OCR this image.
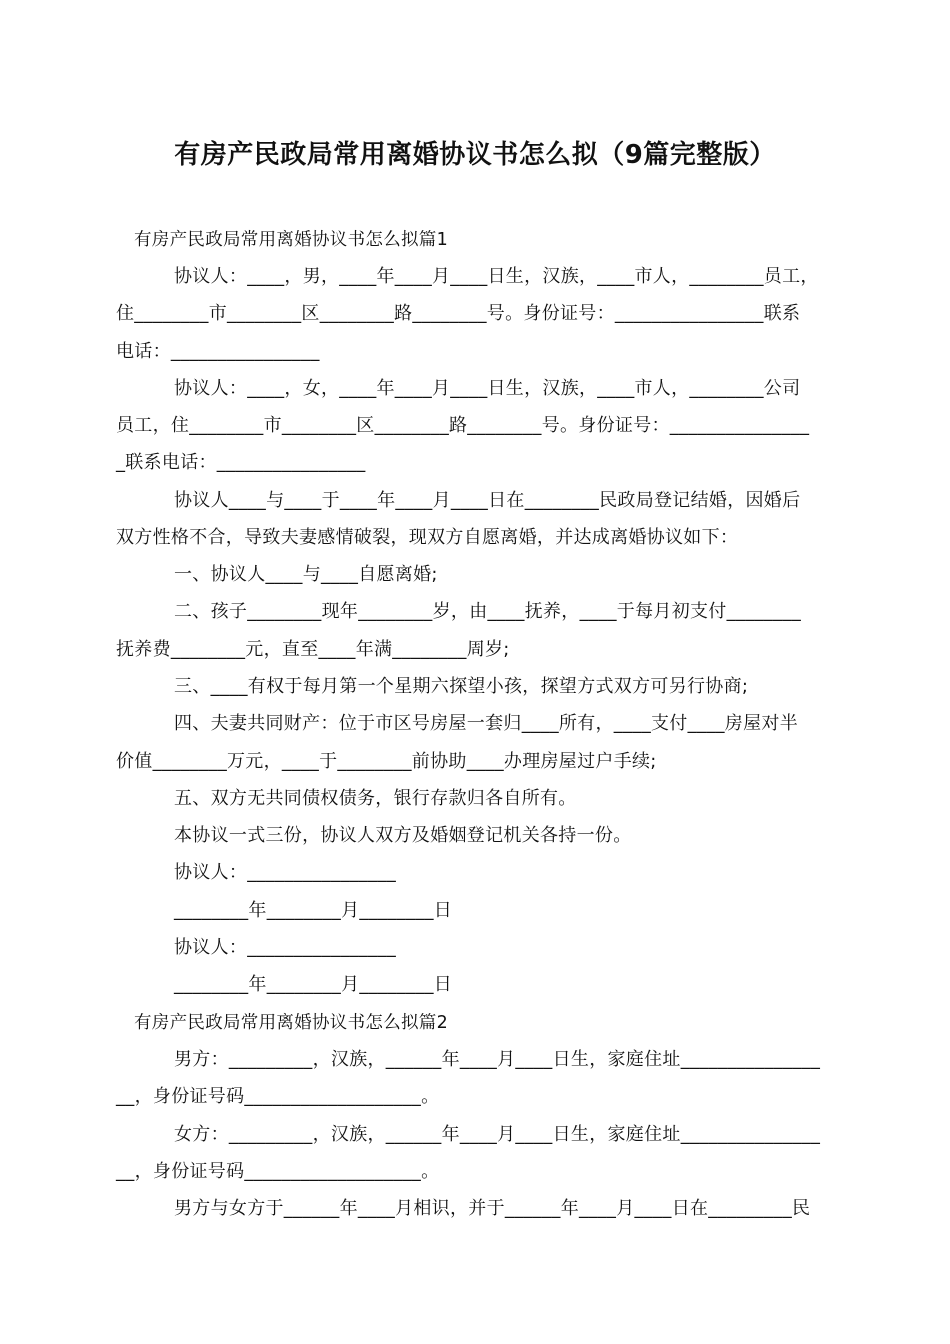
有房产民政局常用离婚协议书怎么拟（9篇完整版）
有房产民政局常用离婚协议书怎么拟篇1
协议人：____，男，____年____月____日生，汉族，____市人，________员工，
住________市________区________路________号。身份证号：________________联系
电话：________________
协议人：____，女，____年____月____日生，汉族，____市人，________公司
员工，住________市________区________路________号。身份证号：_______________
_联系电话：________________
协议人____与____于____年____月____日在________民政局登记结婚，因婚后
双方性格不合，导致夫妻感情破裂，现双方自愿离婚，并达成离婚协议如下：
一、协议人____与____自愿离婚;
二、孩子________现年________岁，由____抚养，____于每月初支付________
抚养费________元，直至____年满________周岁;
三、____有权于每月第一个星期六探望小孩，探望方式双方可另行协商;
四、夫妻共同财产：位于市区号房屋一套归____所有，____支付____房屋对半
价值________万元，____于________前协助____办理房屋过户手续;
五、双方无共同债权债务，银行存款归各自所有。
本协议一式三份，协议人双方及婚姻登记机关各持一份。
协议人：________________
________年________月________日
协议人：________________
________年________月________日
有房产民政局常用离婚协议书怎么拟篇2
男方：_________，汉族，______年____月____日生，家庭住址_______________
__，身份证号码___________________。
女方：_________，汉族，______年____月____日生，家庭住址_______________
__，身份证号码___________________。
男方与女方于______年____月相识，并于______年____月____日在_________民
